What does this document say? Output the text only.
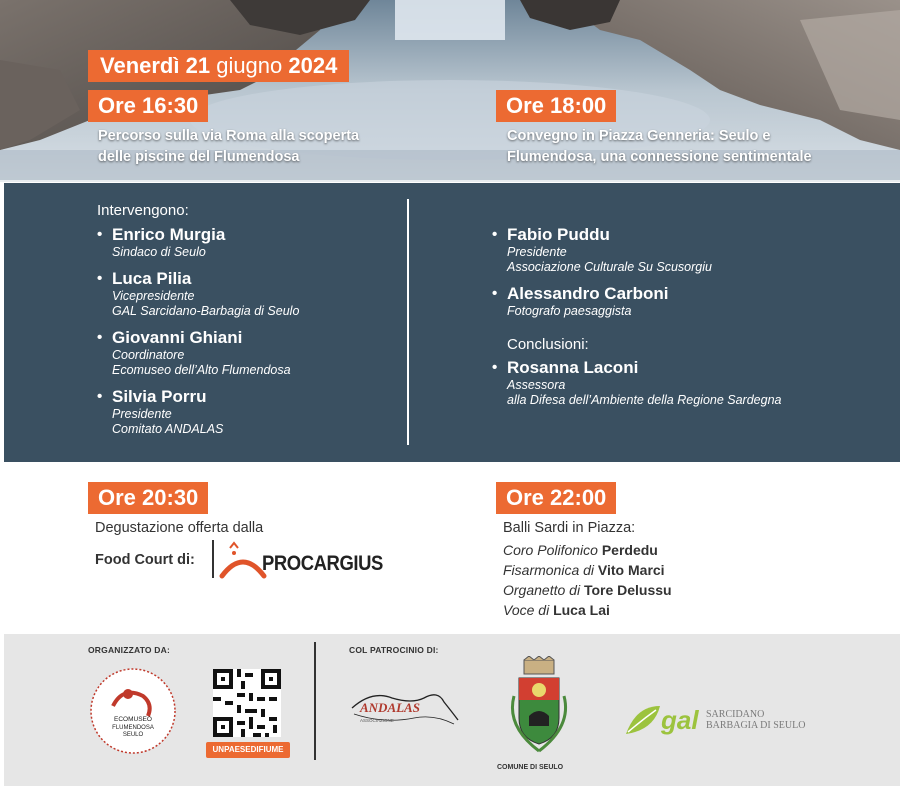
Venerdì 21 giugno 2024
Ore 16:30
Percorso sulla via Roma alla scoperta
delle piscine del Flumendosa
Ore 18:00
Convegno in Piazza Genneria: Seulo e
Flumendosa, una connessione sentimentale
Intervengono:
• Enrico Murgia
Sindaco di Seulo
• Luca Pilia
Vicepresidente
GAL Sarcidano-Barbagia di Seulo
• Giovanni Ghiani
Coordinatore
Ecomuseo dell’Alto Flumendosa
• Silvia Porru
Presidente
Comitato ANDALAS
• Fabio Puddu
Presidente
Associazione Culturale Su Scusorgiu
• Alessandro Carboni
Fotografo paesaggista
Conclusioni:
• Rosanna Laconi
Assessora
alla Difesa dell’Ambiente della Regione Sardegna
Ore 20:30
Degustazione offerta dalla
Food Court di:	PROCARGIUS
Ore 22:00
Balli Sardi in Piazza:
Coro Polifonico Perdedu
Fisarmonica di Vito Marci
Organetto di Tore Delussu
Voce di Luca Lai
ORGANIZZATO DA:	COL PATROCINIO DI:
ECOMUSEO
FLUMENDOSA
SEULO
UNPAESEDIFIUME
ANDALAS
ASSOCIAZIONE
COMUNE DI SEULO
gal SARCIDANO
BARBAGIA DI SEULO
